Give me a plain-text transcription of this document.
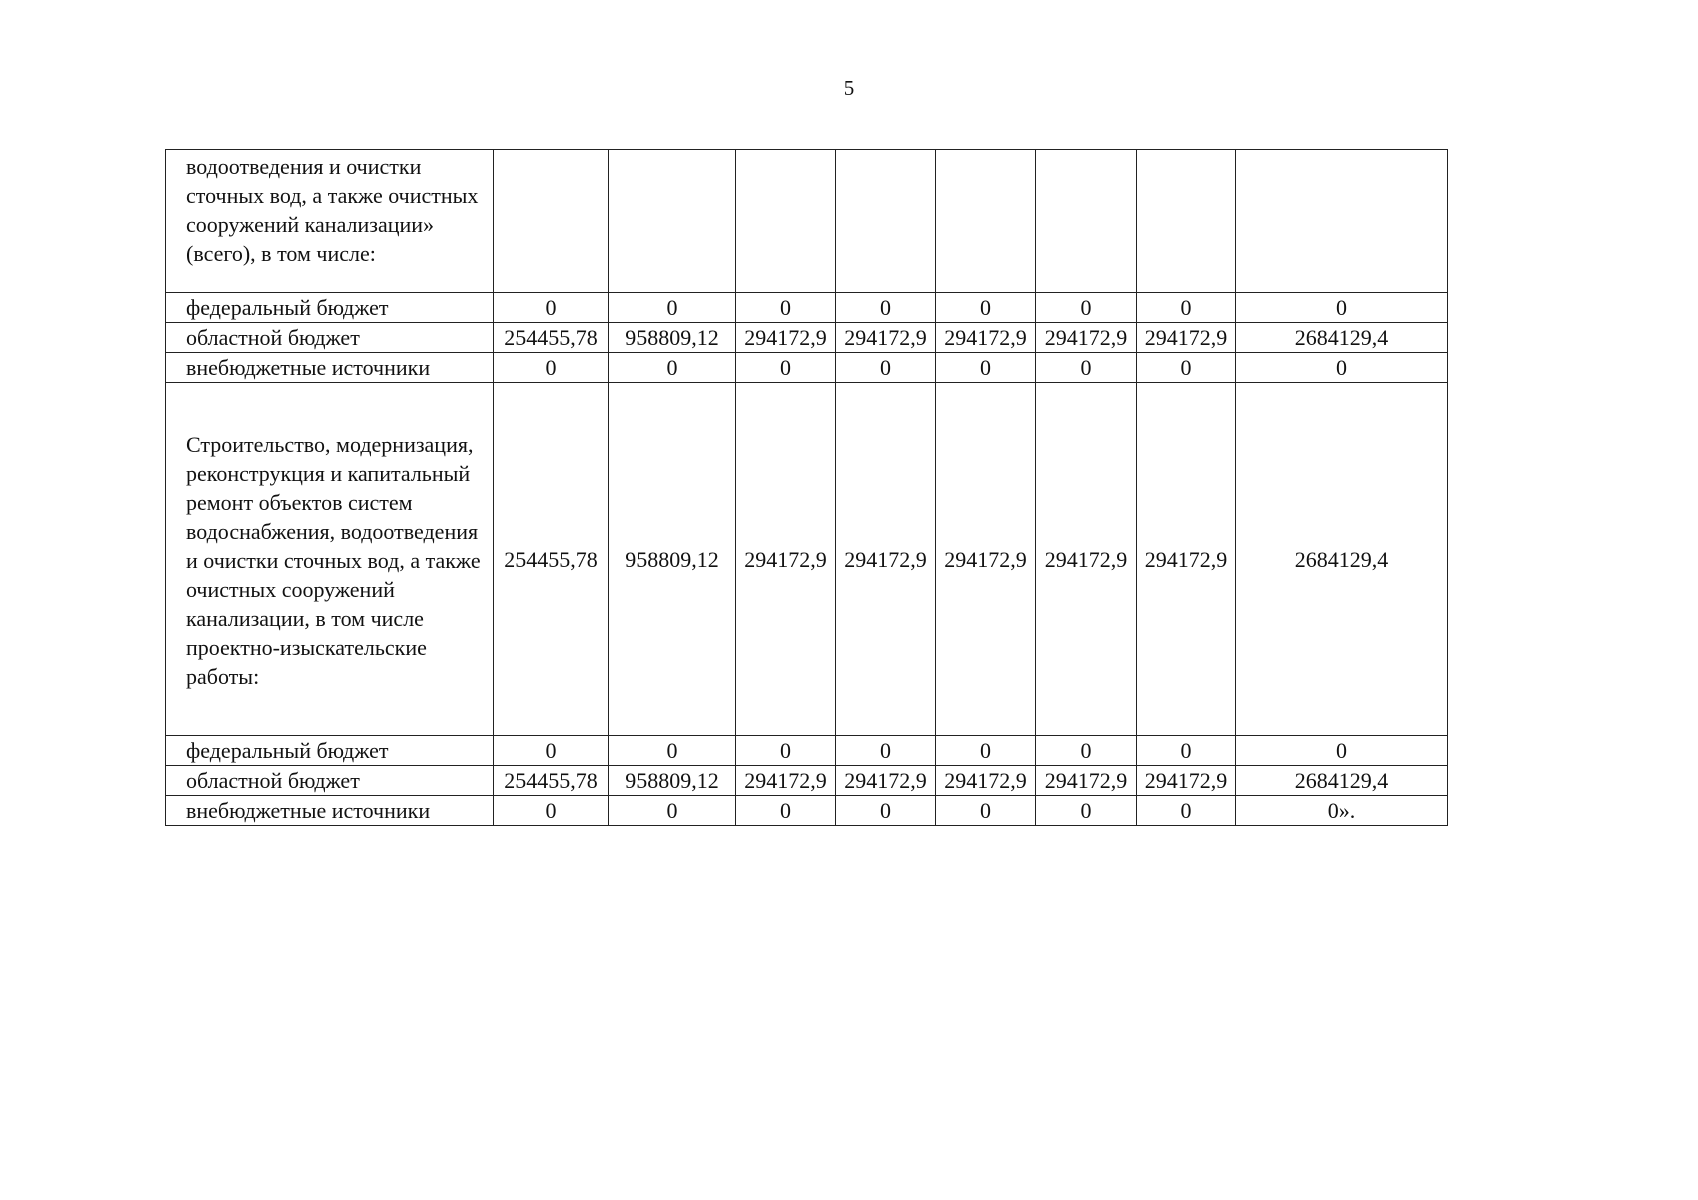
5
водоотведения и очистки сточных вод, а также очистных сооружений канализации» (всего), в том числе:								
федеральный бюджет	0	0	0	0	0	0	0	0
областной бюджет	254455,78	958809,12	294172,9	294172,9	294172,9	294172,9	294172,9	2684129,4
внебюджетные источники	0	0	0	0	0	0	0	0
Строительство, модернизация, реконструкция и капитальный ремонт объектов систем водоснабжения, водоотведения и очистки сточных вод, а также очистных сооружений канализации, в том числе проектно-изыскательские работы:	254455,78	958809,12	294172,9	294172,9	294172,9	294172,9	294172,9	2684129,4
федеральный бюджет	0	0	0	0	0	0	0	0
областной бюджет	254455,78	958809,12	294172,9	294172,9	294172,9	294172,9	294172,9	2684129,4
внебюджетные источники	0	0	0	0	0	0	0	0».
